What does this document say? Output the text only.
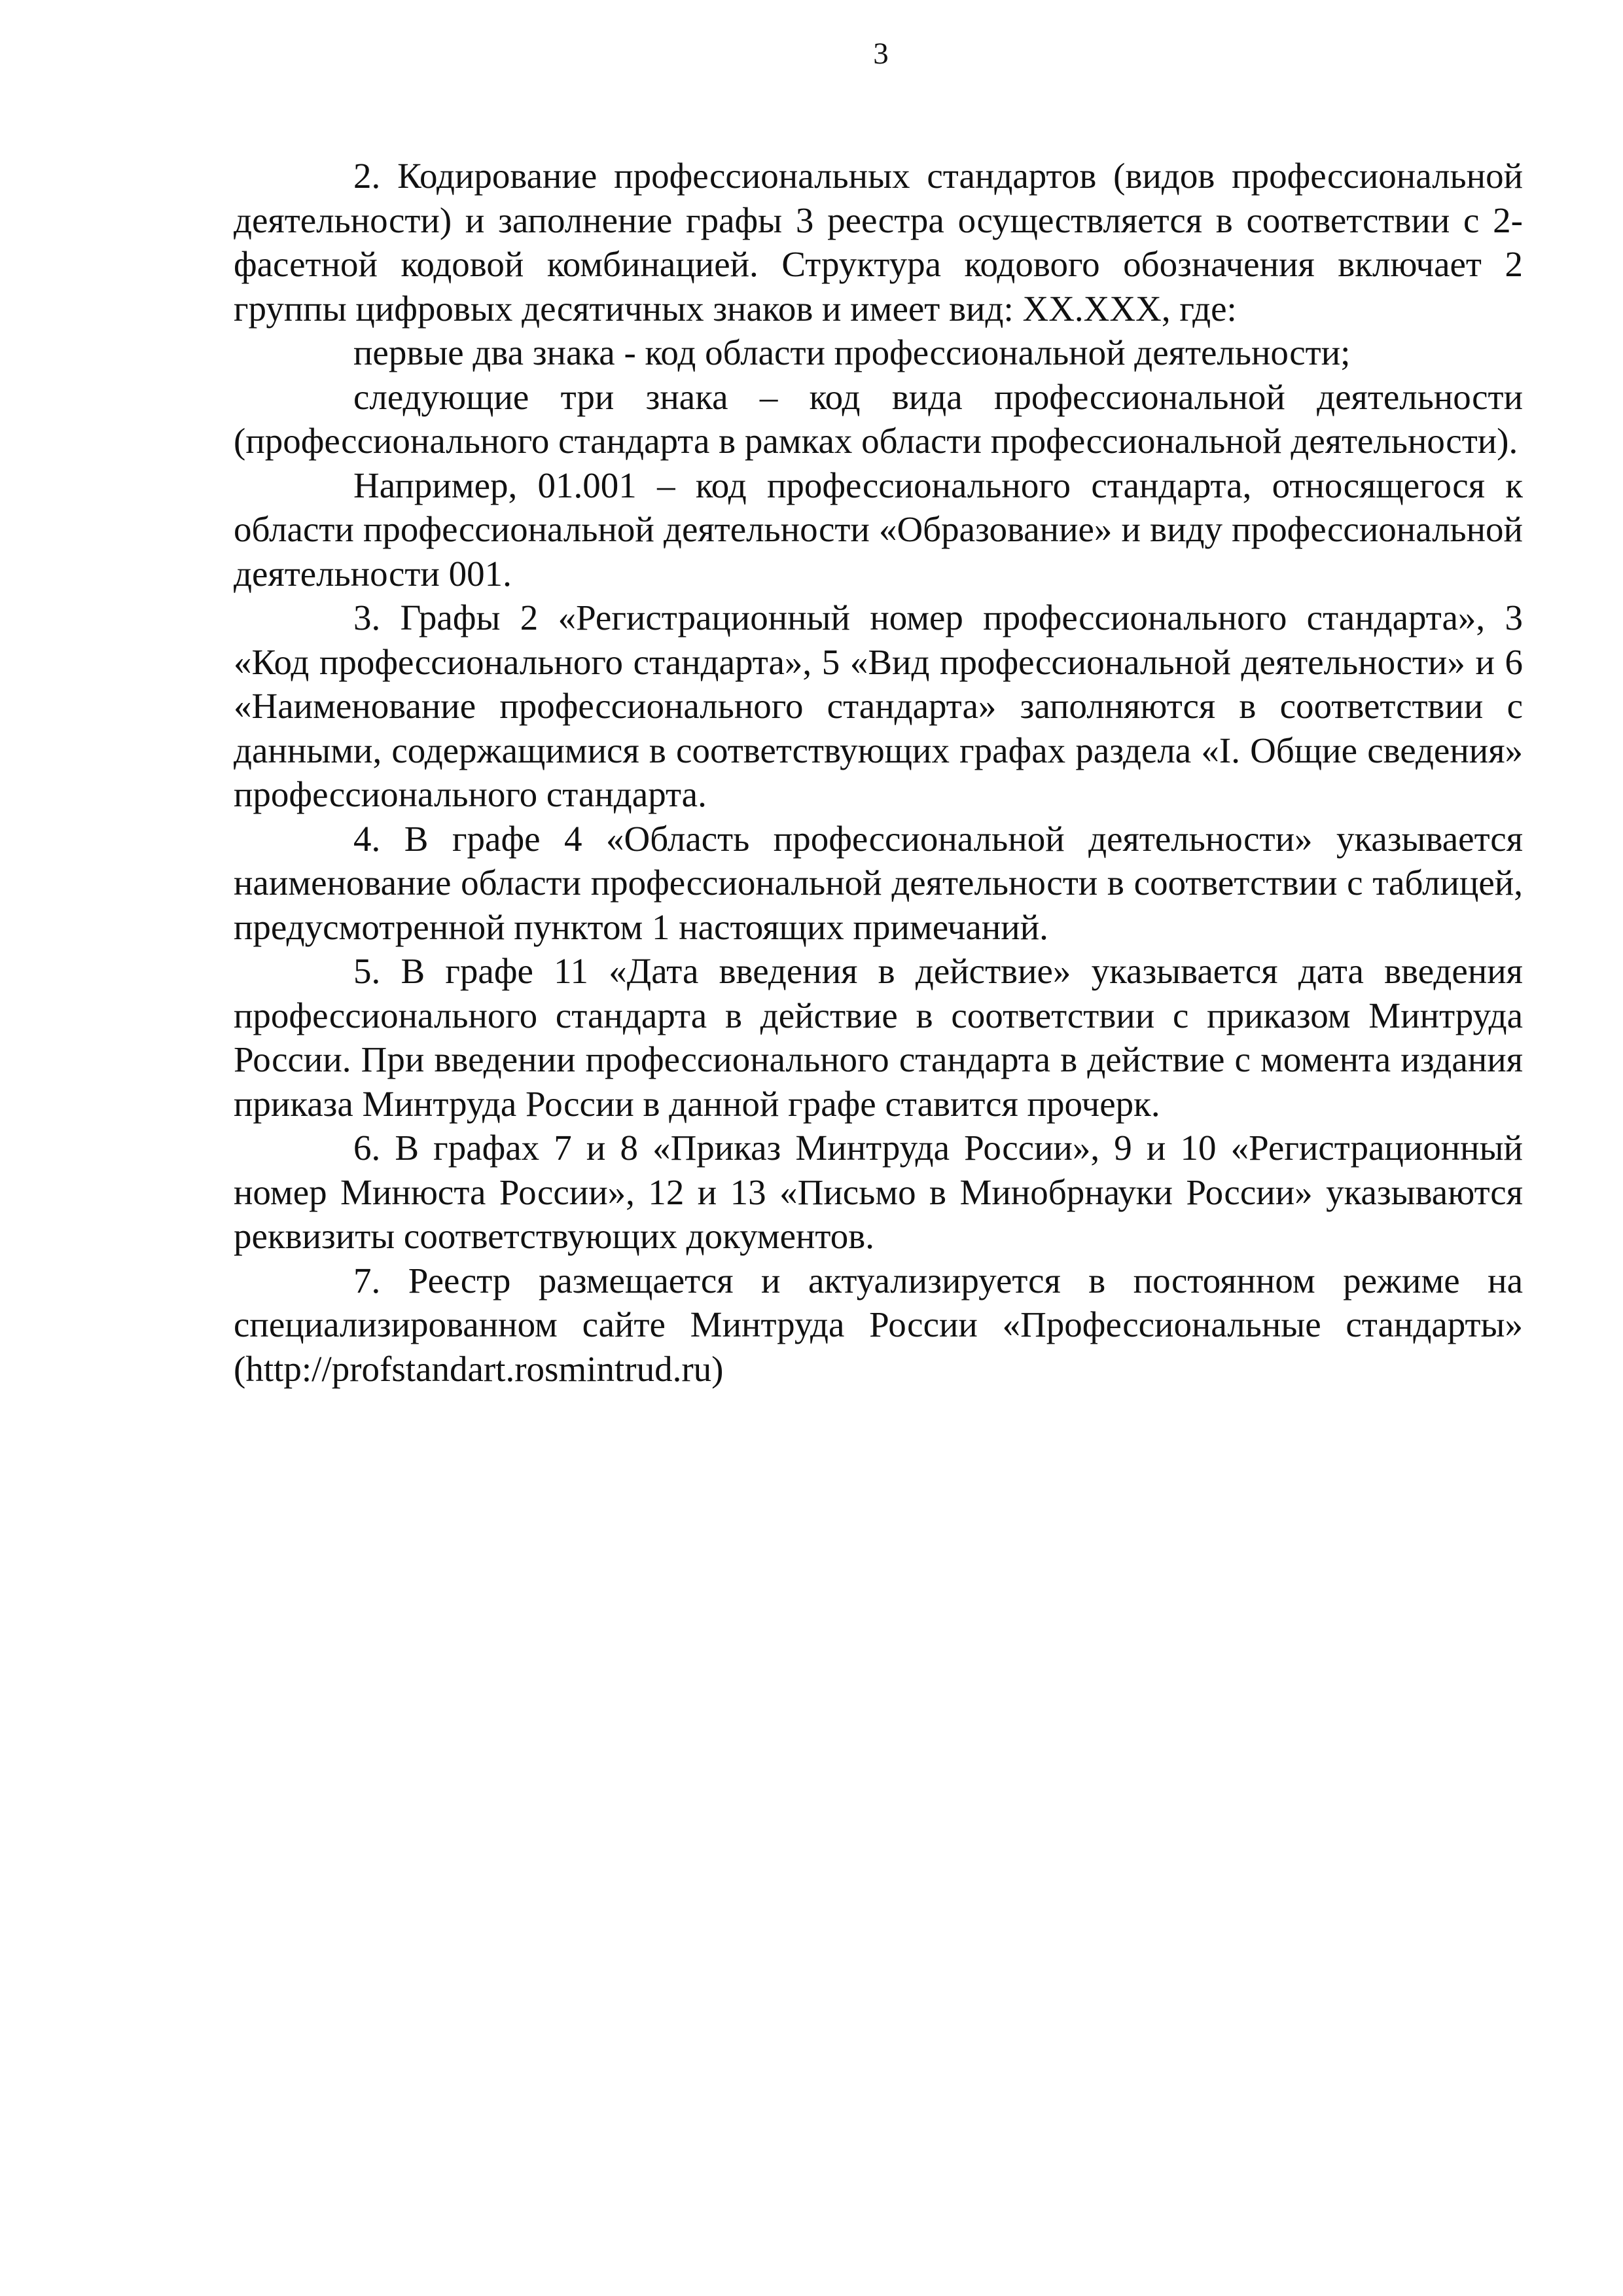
3

2. Кодирование профессиональных стандартов (видов профессиональной деятельности) и заполнение графы 3 реестра осуществляется в соответствии с 2-фасетной кодовой комбинацией. Структура кодового обозначения включает 2 группы цифровых десятичных знаков и имеет вид: XX.XXX, где:

первые два знака - код области профессиональной деятельности;

следующие три знака – код вида профессиональной деятельности (профессионального стандарта в рамках области профессиональной деятельности).

Например, 01.001 – код профессионального стандарта, относящегося к области профессиональной деятельности «Образование» и виду профессиональной деятельности 001.

3. Графы 2 «Регистрационный номер профессионального стандарта», 3 «Код профессионального стандарта», 5 «Вид профессиональной деятельности» и 6 «Наименование профессионального стандарта» заполняются в соответствии с данными, содержащимися в соответствующих графах раздела «I. Общие сведения» профессионального стандарта.

4. В графе 4 «Область профессиональной деятельности» указывается наименование области профессиональной деятельности в соответствии с таблицей, предусмотренной пунктом 1 настоящих примечаний.

5. В графе 11 «Дата введения в действие» указывается дата введения профессионального стандарта в действие в соответствии с приказом Минтруда России. При введении профессионального стандарта в действие с момента издания приказа Минтруда России в данной графе ставится прочерк.

6. В графах 7 и 8 «Приказ Минтруда России», 9 и 10 «Регистрационный номер Минюста России», 12 и 13 «Письмо в Минобрнауки России» указываются реквизиты соответствующих документов.

7. Реестр размещается и актуализируется в постоянном режиме на специализированном сайте Минтруда России «Профессиональные стандарты» (http://profstandart.rosmintrud.ru)
